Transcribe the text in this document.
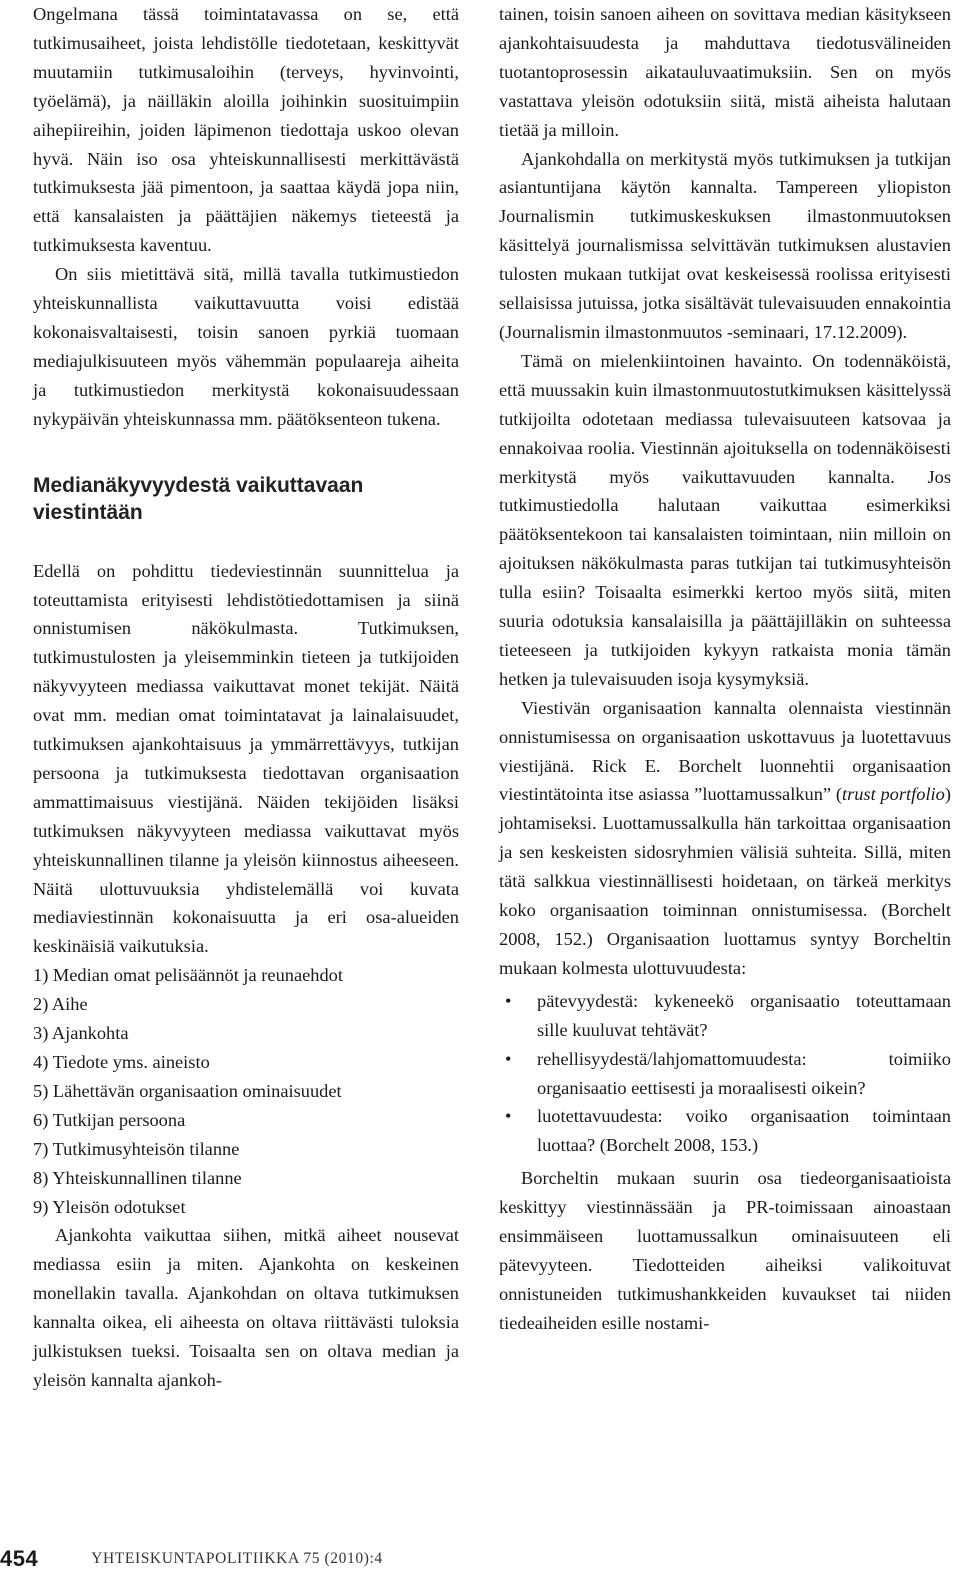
Ongelmana tässä toimintatavassa on se, että tutkimusaiheet, joista lehdistölle tiedotetaan, keskittyvät muutamiin tutkimusaloihin (terveys, hyvinvointi, työelämä), ja näilläkin aloilla joihinkin suosituimpiin aihepiireihin, joiden läpimenon tiedottaja uskoo olevan hyvä. Näin iso osa yhteiskunnallisesti merkittävästä tutkimuksesta jää pimentoon, ja saattaa käydä jopa niin, että kansalaisten ja päättäjien näkemys tieteestä ja tutkimuksesta kaventuu.

On siis mietittävä sitä, millä tavalla tutkimustiedon yhteiskunnallista vaikuttavuutta voisi edistää kokonaisvaltaisesti, toisin sanoen pyrkiä tuomaan mediajulkisuuteen myös vähemmän populaareja aiheita ja tutkimustiedon merkitystä kokonaisuudessaan nykypäivän yhteiskunnassa mm. päätöksenteon tukena.

Medianäkyvyydestä vaikuttavaan viestintään

Edellä on pohdittu tiedeviestinnän suunnittelua ja toteuttamista erityisesti lehdistötiedottamisen ja siinä onnistumisen näkökulmasta. Tutkimuksen, tutkimustulosten ja yleisemminkin tieteen ja tutkijoiden näkyvyyteen mediassa vaikuttavat monet tekijät. Näitä ovat mm. median omat toimintatavat ja lainalaisuudet, tutkimuksen ajankohtaisuus ja ymmärrettävyys, tutkijan persoona ja tutkimuksesta tiedottavan organisaation ammattimaisuus viestijänä. Näiden tekijöiden lisäksi tutkimuksen näkyvyyteen mediassa vaikuttavat myös yhteiskunnallinen tilanne ja yleisön kiinnostus aiheeseen. Näitä ulottuvuuksia yhdistelemällä voi kuvata mediaviestinnän kokonaisuutta ja eri osa-alueiden keskinäisiä vaikutuksia.

1) Median omat pelisäännöt ja reunaehdot
2) Aihe
3) Ajankohta
4) Tiedote yms. aineisto
5) Lähettävän organisaation ominaisuudet
6) Tutkijan persoona
7) Tutkimusyhteisön tilanne
8) Yhteiskunnallinen tilanne
9) Yleisön odotukset

Ajankohta vaikuttaa siihen, mitkä aiheet nousevat mediassa esiin ja miten. Ajankohta on keskeinen monellakin tavalla. Ajankohdan on oltava tutkimuksen kannalta oikea, eli aiheesta on oltava riittävästi tuloksia julkistuksen tueksi. Toisaalta sen on oltava median ja yleisön kannalta ajankoh-

tainen, toisin sanoen aiheen on sovittava median käsitykseen ajankohtaisuudesta ja mahduttava tiedotusvälineiden tuotantoprosessin aikatauluvaatimuksiin. Sen on myös vastattava yleisön odotuksiin siitä, mistä aiheista halutaan tietää ja milloin.

Ajankohdalla on merkitystä myös tutkimuksen ja tutkijan asiantuntijana käytön kannalta. Tampereen yliopiston Journalismin tutkimuskeskuksen ilmastonmuutoksen käsittelyä journalismissa selvittävän tutkimuksen alustavien tulosten mukaan tutkijat ovat keskeisessä roolissa erityisesti sellaisissa jutuissa, jotka sisältävät tulevaisuuden ennakointia (Journalismin ilmastonmuutos -seminaari, 17.12.2009).

Tämä on mielenkiintoinen havainto. On todennäköistä, että muussakin kuin ilmastonmuutostutkimuksen käsittelyssä tutkijoilta odotetaan mediassa tulevaisuuteen katsovaa ja ennakoivaa roolia. Viestinnän ajoituksella on todennäköisesti merkitystä myös vaikuttavuuden kannalta. Jos tutkimustiedolla halutaan vaikuttaa esimerkiksi päätöksentekoon tai kansalaisten toimintaan, niin milloin on ajoituksen näkökulmasta paras tutkijan tai tutkimusyhteisön tulla esiin? Toisaalta esimerkki kertoo myös siitä, miten suuria odotuksia kansalaisilla ja päättäjilläkin on suhteessa tieteeseen ja tutkijoiden kykyyn ratkaista monia tämän hetken ja tulevaisuuden isoja kysymyksiä.

Viestivän organisaation kannalta olennaista viestinnän onnistumisessa on organisaation uskottavuus ja luotettavuus viestijänä. Rick E. Borchelt luonnehtii organisaation viestintätointa itse asiassa ”luottamussalkun” (trust portfolio) johtamiseksi. Luottamussalkulla hän tarkoittaa organisaation ja sen keskeisten sidosryhmien välisiä suhteita. Sillä, miten tätä salkkua viestinnällisesti hoidetaan, on tärkeä merkitys koko organisaation toiminnan onnistumisessa. (Borchelt 2008, 152.) Organisaation luottamus syntyy Borcheltin mukaan kolmesta ulottuvuudesta:

• pätevyydestä: kykeneekö organisaatio toteuttamaan sille kuuluvat tehtävät?
• rehellisyydestä/lahjomattomuudesta: toimiiko organisaatio eettisesti ja moraalisesti oikein?
• luotettavuudesta: voiko organisaation toimintaan luottaa? (Borchelt 2008, 153.)

Borcheltin mukaan suurin osa tiedeorganisaatioista keskittyy viestinnässään ja PR-toimissaan ainoastaan ensimmäiseen luottamussalkun ominaisuuteen eli pätevyyteen. Tiedotteiden aiheiksi valikoituvat onnistuneiden tutkimushankkeiden kuvaukset tai niiden tiedeaiheiden esille nostami-

454	YHTEISKUNTAPOLITIIKKA 75 (2010):4
